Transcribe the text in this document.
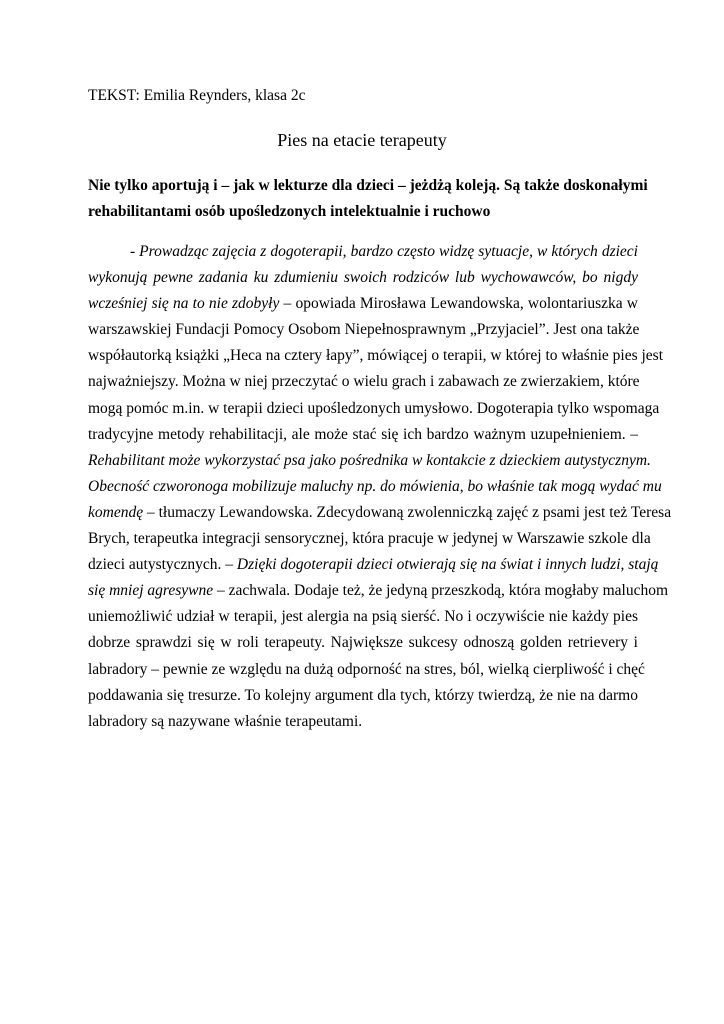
TEKST: Emilia Reynders, klasa 2c
Pies na etacie terapeuty
Nie tylko aportują i – jak w lekturze dla dzieci – jeżdżą koleją. Są także doskonałymi
rehabilitantami osób upośledzonych intelektualnie i ruchowo
- Prowadząc zajęcia z dogoterapii, bardzo często widzę sytuacje, w których dzieci
wykonują pewne zadania ku zdumieniu swoich rodziców lub wychowawców, bo nigdy
wcześniej się na to nie zdobyły – opowiada Mirosława Lewandowska, wolontariuszka w
warszawskiej Fundacji Pomocy Osobom Niepełnosprawnym „Przyjaciel”. Jest ona także
współautorką książki „Heca na cztery łapy”, mówiącej o terapii, w której to właśnie pies jest
najważniejszy. Można w niej przeczytać o wielu grach i zabawach ze zwierzakiem, które
mogą pomóc m.in. w terapii dzieci upośledzonych umysłowo. Dogoterapia tylko wspomaga
tradycyjne metody rehabilitacji, ale może stać się ich bardzo ważnym uzupełnieniem. –
Rehabilitant może wykorzystać psa jako pośrednika w kontakcie z dzieckiem autystycznym.
Obecność czworonoga mobilizuje maluchy np. do mówienia, bo właśnie tak mogą wydać mu
komendę – tłumaczy Lewandowska. Zdecydowaną zwolenniczką zajęć z psami jest też Teresa
Brych, terapeutka integracji sensorycznej, która pracuje w jedynej w Warszawie szkole dla
dzieci autystycznych. – Dzięki dogoterapii dzieci otwierają się na świat i innych ludzi, stają
się mniej agresywne – zachwala. Dodaje też, że jedyną przeszkodą, która mogłaby maluchom
uniemożliwić udział w terapii, jest alergia na psią sierść. No i oczywiście nie każdy pies
dobrze sprawdzi się w roli terapeuty. Największe sukcesy odnoszą golden retrievery i
labradory – pewnie ze względu na dużą odporność na stres, ból, wielką cierpliwość i chęć
poddawania się tresurze. To kolejny argument dla tych, którzy twierdzą, że nie na darmo
labradory są nazywane właśnie terapeutami.
